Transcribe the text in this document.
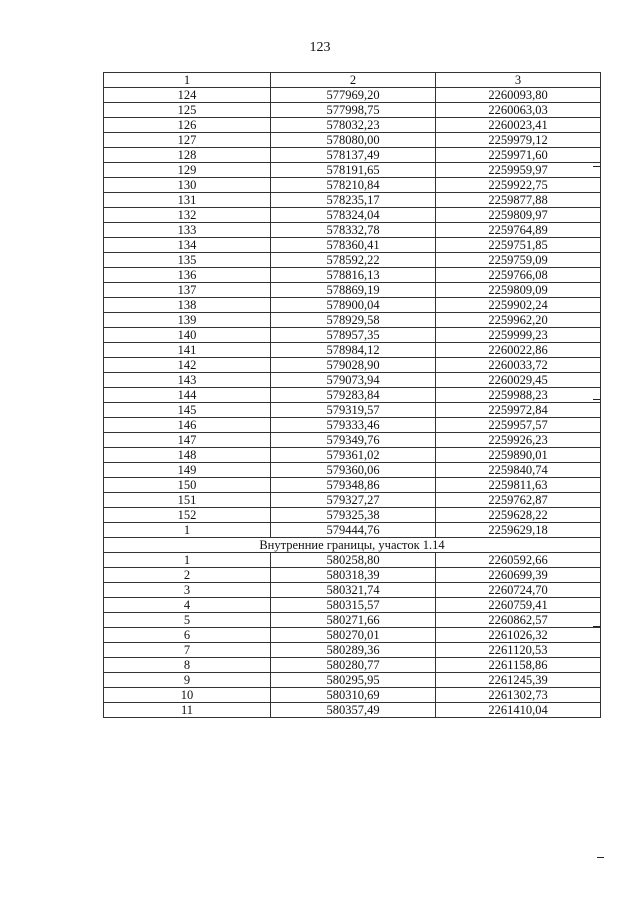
123
1	2	3
124	577969,20	2260093,80
125	577998,75	2260063,03
126	578032,23	2260023,41
127	578080,00	2259979,12
128	578137,49	2259971,60
129	578191,65	2259959,97
130	578210,84	2259922,75
131	578235,17	2259877,88
132	578324,04	2259809,97
133	578332,78	2259764,89
134	578360,41	2259751,85
135	578592,22	2259759,09
136	578816,13	2259766,08
137	578869,19	2259809,09
138	578900,04	2259902,24
139	578929,58	2259962,20
140	578957,35	2259999,23
141	578984,12	2260022,86
142	579028,90	2260033,72
143	579073,94	2260029,45
144	579283,84	2259988,23
145	579319,57	2259972,84
146	579333,46	2259957,57
147	579349,76	2259926,23
148	579361,02	2259890,01
149	579360,06	2259840,74
150	579348,86	2259811,63
151	579327,27	2259762,87
152	579325,38	2259628,22
1	579444,76	2259629,18
Внутренние границы, участок 1.14		
1	580258,80	2260592,66
2	580318,39	2260699,39
3	580321,74	2260724,70
4	580315,57	2260759,41
5	580271,66	2260862,57
6	580270,01	2261026,32
7	580289,36	2261120,53
8	580280,77	2261158,86
9	580295,95	2261245,39
10	580310,69	2261302,73
11	580357,49	2261410,04
